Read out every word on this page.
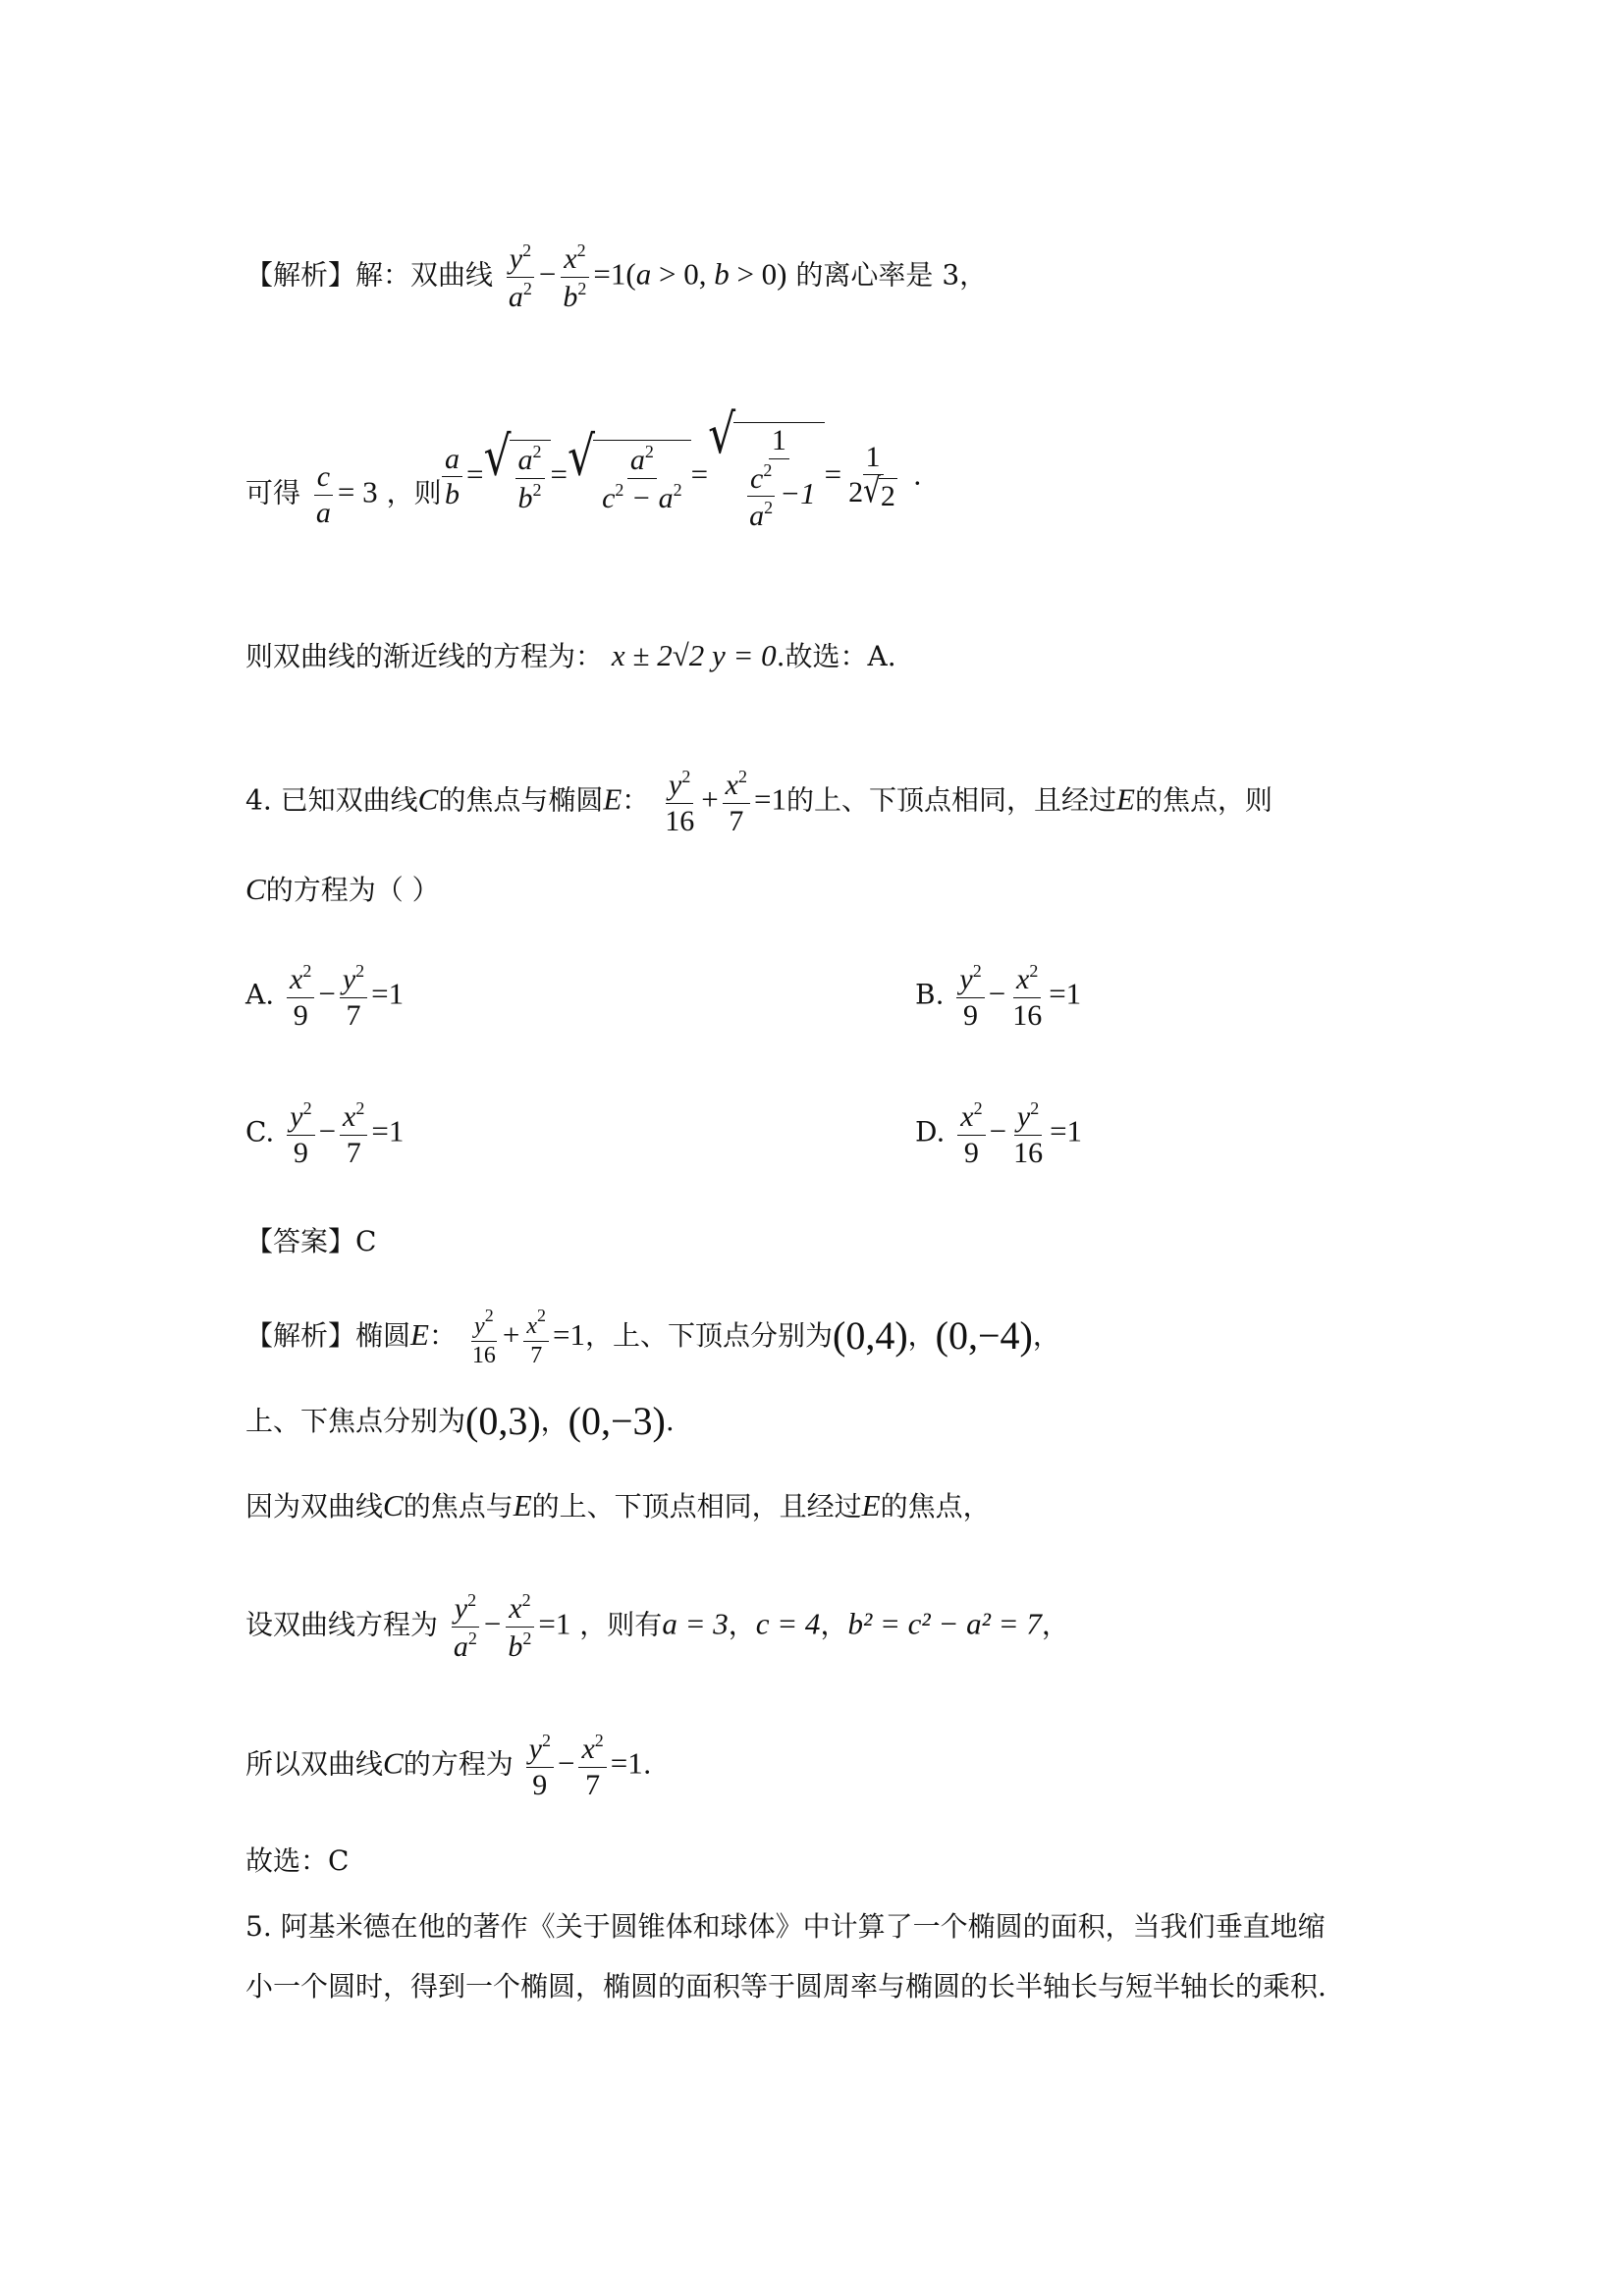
【解析】解：双曲线 $\frac{y^2}{a^2} - \frac{x^2}{b^2} =1(a > 0$, b > 0) 的离心率是 3，
可得 $\frac{c}{a} = 3$ ，则 $\frac{a}{b}$ = √ $\frac{a^2}{b^2}$ = √ $\frac{a^2}{c^2 - a^2}$ =
√ $\frac{1}{\frac{c^2}{a^2} -1} = \frac{1}{2 √ 2}$ .
则双曲线的渐近线的方程为： x ± 2√2 y = 0.故选：A.
4. 已知双曲线C的焦点与椭圆E： $\frac{y^2}{16} + \frac{x^2}{7} =1$的上、下顶点相同，且经过E的焦点，则
C的方程为（ ）
A. $\frac{x^2}{9} - \frac{y^2}{7} =1$	B. $\frac{y^2}{9} - \frac{x^2}{16} =1$
C. $\frac{y^2}{9} - \frac{x^2}{7} =1$	D. $\frac{x^2}{9} - \frac{y^2}{16} =1$
【答案】C
【解析】椭圆E： $\frac{y^2}{16} + \frac{x^2}{7} =1$，上、下顶点分别为(0,4)，(0,−4)，
上、下焦点分别为(0,3)，(0,−3).
因为双曲线C的焦点与E的上、下顶点相同，且经过E的焦点，
设双曲线方程为 $\frac{y^2}{a^2} - \frac{x^2}{b^2} =1$ ，则有a = 3，c = 4，b² = c² − a² = 7，
所以双曲线C的方程为 $\frac{y^2}{9} - \frac{x^2}{7} =1$.
故选：C
5. 阿基米德在他的著作《关于圆锥体和球体》中计算了一个椭圆的面积，当我们垂直地缩
小一个圆时，得到一个椭圆，椭圆的面积等于圆周率与椭圆的长半轴长与短半轴长的乘积.
